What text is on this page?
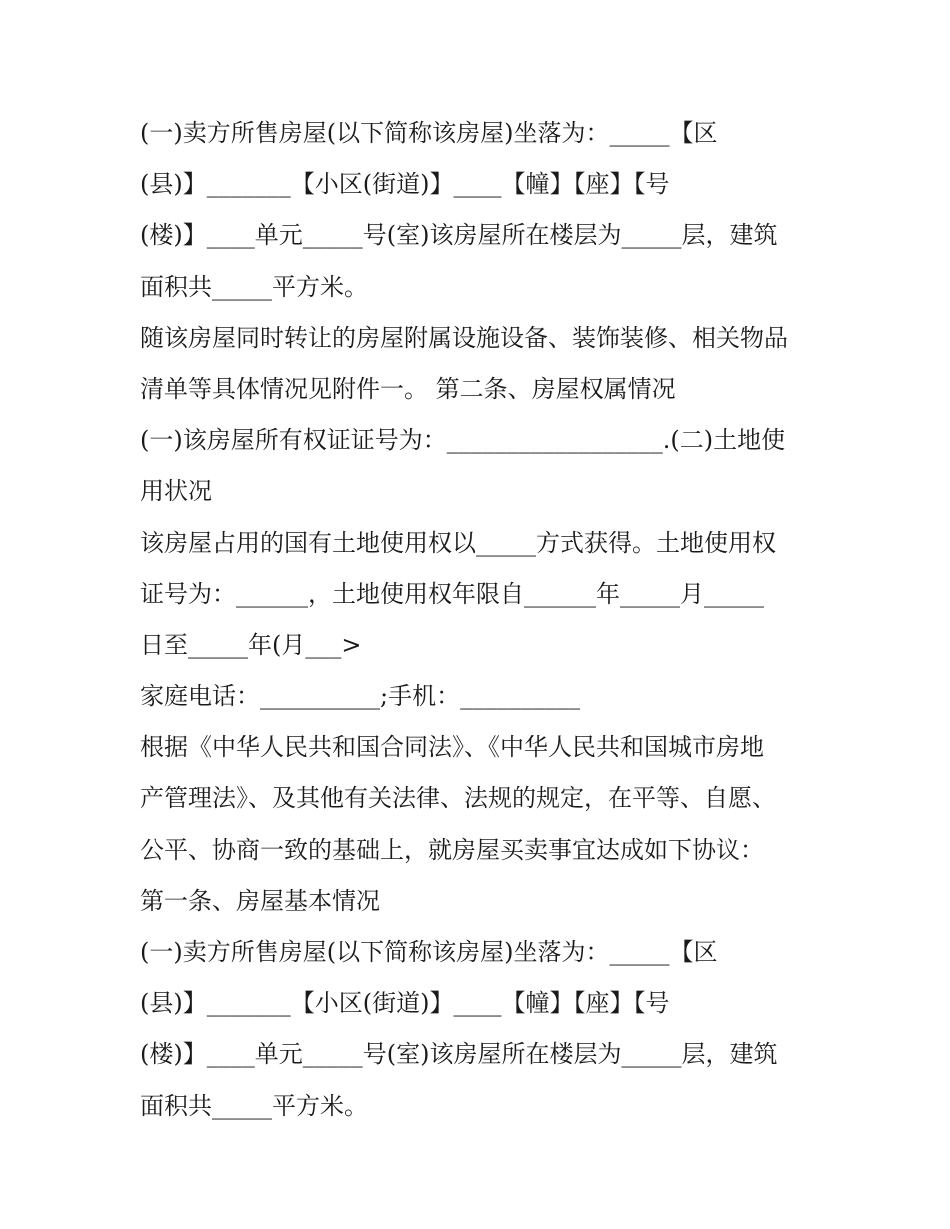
(一)卖方所售房屋(以下简称该房屋)坐落为：_____【区
(县)】_______【小区(街道)】____【幢】【座】【号
(楼)】____单元_____号(室)该房屋所在楼层为_____层，建筑
面积共_____平方米。
随该房屋同时转让的房屋附属设施设备、装饰装修、相关物品
清单等具体情况见附件一。 第二条、房屋权属情况
(一)该房屋所有权证证号为：__________________.(二)土地使
用状况
该房屋占用的国有土地使用权以_____方式获得。土地使用权
证号为：______，土地使用权年限自______年_____月_____
日至_____年(月___>
家庭电话：__________;手机：__________
根据《中华人民共和国合同法》、《中华人民共和国城市房地
产管理法》、及其他有关法律、法规的规定，在平等、自愿、
公平、协商一致的基础上，就房屋买卖事宜达成如下协议：
第一条、房屋基本情况
(一)卖方所售房屋(以下简称该房屋)坐落为：_____【区
(县)】_______【小区(街道)】____【幢】【座】【号
(楼)】____单元_____号(室)该房屋所在楼层为_____层，建筑
面积共_____平方米。
